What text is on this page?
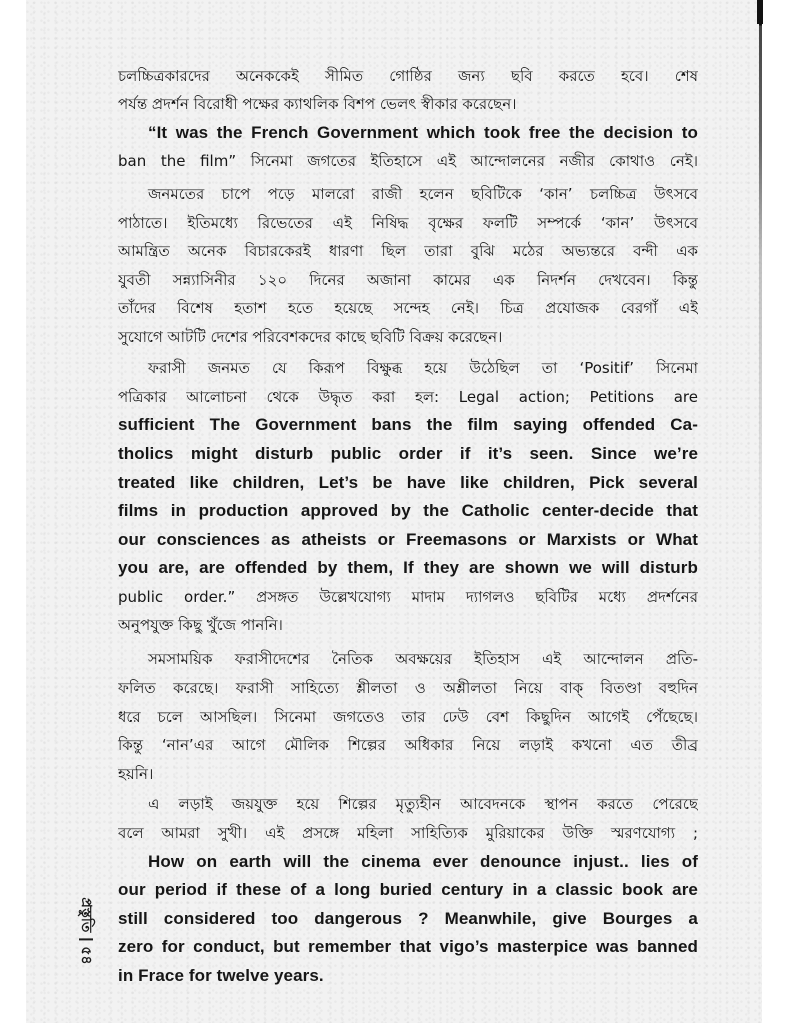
চলচ্চিত্রকারদের অনেককেই সীমিত গোষ্ঠির জন্য ছবি করতে হবে। শেষ
পর্যন্ত প্রদর্শন বিরোধী পক্ষের ক্যাথলিক বিশপ ভেলৎ স্বীকার করেছেন।
“It was the French Government which took free the decision to
ban the film” সিনেমা জগতের ইতিহাসে এই আন্দোলনের নজীর কোথাও নেই।
জনমতের চাপে পড়ে মালরো রাজী হলেন ছবিটিকে ‘কান’ চলচ্চিত্র উৎসবে
পাঠাতে। ইতিমধ্যে রিভেতের এই নিষিদ্ধ বৃক্ষের ফলটি সম্পর্কে ‘কান’ উৎসবে
আমন্ত্রিত অনেক বিচারকেরই ধারণা ছিল তারা বুঝি মঠের অভ্যন্তরে বন্দী এক
যুবতী সন্ন্যাসিনীর ১২০ দিনের অজানা কামের এক নিদর্শন দেখবেন। কিন্তু
তাঁদের বিশেষ হতাশ হতে হয়েছে সন্দেহ নেই। চিত্র প্রযোজক বেরগাঁ এই
সুযোগে আটটি দেশের পরিবেশকদের কাছে ছবিটি বিক্রয় করেছেন।
ফরাসী জনমত যে কিরূপ বিক্ষুব্ধ হয়ে উঠেছিল তা ‘Positif’ সিনেমা
পত্রিকার আলোচনা থেকে উদ্ধৃত করা হল: Legal action; Petitions are
sufficient The Government bans the film saying offended Ca-
tholics might disturb public order if it’s seen. Since we’re
treated like children, Let’s be have like children, Pick several
films in production approved by the Catholic center-decide that
our consciences as atheists or Freemasons or Marxists or What
you are, are offended by them, If they are shown we will disturb
public order.” প্রসঙ্গত উল্লেখযোগ্য মাদাম দ্যাগলও ছবিটির মধ্যে প্রদর্শনের
অনুপযুক্ত কিছু খুঁজে পাননি।
সমসাময়িক ফরাসীদেশের নৈতিক অবক্ষয়ের ইতিহাস এই আন্দোলন প্রতি-
ফলিত করেছে। ফরাসী সাহিত্যে শ্লীলতা ও অশ্লীলতা নিয়ে বাক্ বিতণ্ডা বহুদিন
ধরে চলে আসছিল। সিনেমা জগতেও তার ঢেউ বেশ কিছুদিন আগেই পেঁছেছে।
কিন্তু ‘নান’এর আগে মৌলিক শিল্পের অধিকার নিয়ে লড়াই কখনো এত তীব্র
হয়নি।
এ লড়াই জয়যুক্ত হয়ে শিল্পের মৃত্যুহীন আবেদনকে স্থাপন করতে পেরেছে
বলে আমরা সুখী। এই প্রসঙ্গে মহিলা সাহিত্যিক মুরিয়াকের উক্তি স্মরণযোগ্য ;
How on earth will the cinema ever denounce injust.. lies of
our period if these of a long buried century in a classic book are
still considered too dangerous ? Meanwhile, give Bourges a
zero for conduct, but remember that vigo’s masterpice was banned
in Frace for twelve years.
প্রস্তুতি৫৪
